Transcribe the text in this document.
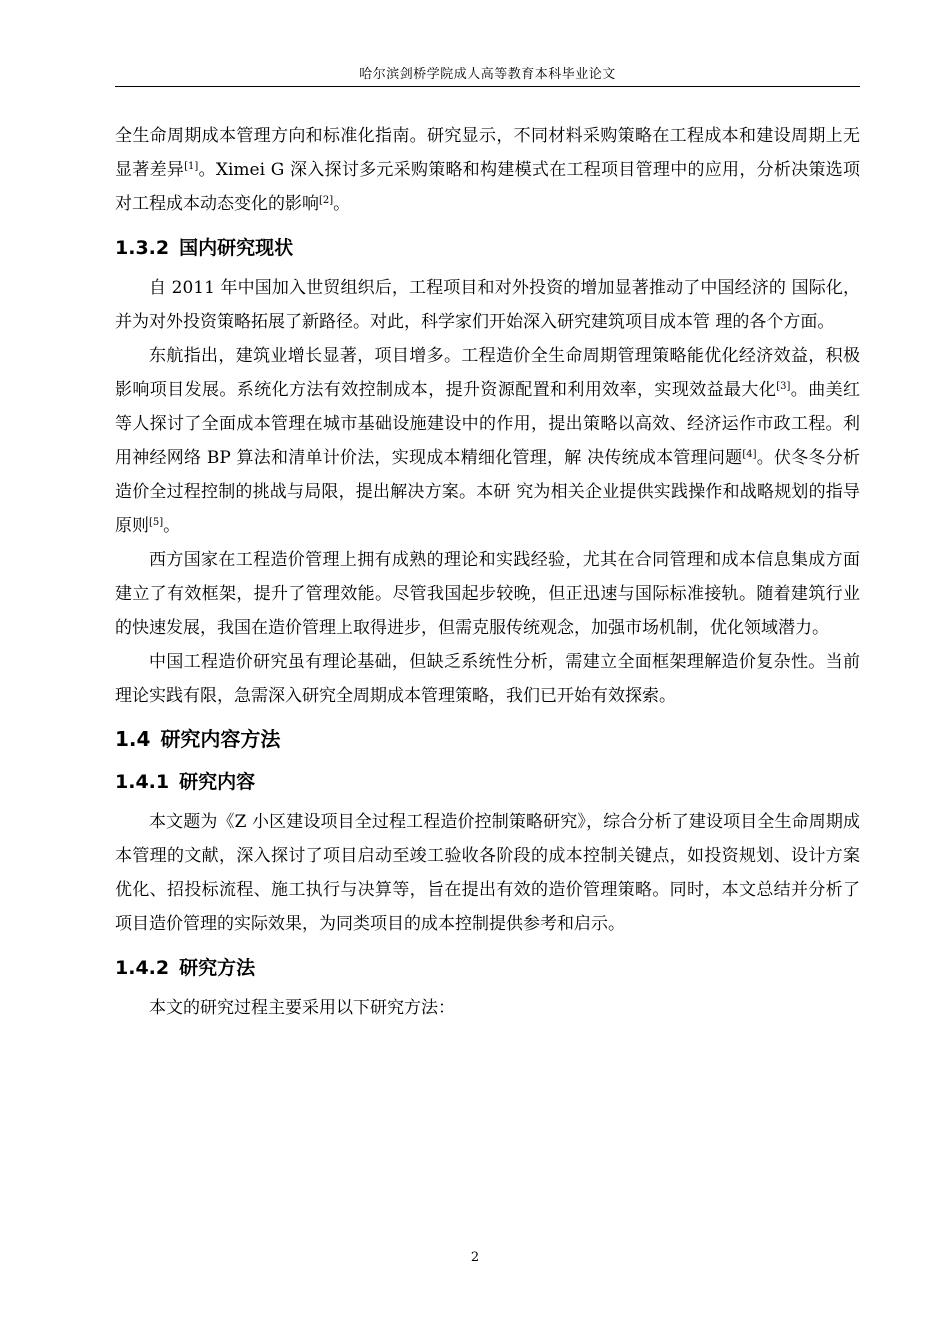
哈尔滨剑桥学院成人高等教育本科毕业论文

全生命周期成本管理方向和标准化指南。研究显示，不同材料采购策略在工程成本和建设周期上无显著差异[1]。Ximei G 深入探讨多元采购策略和构建模式在工程项目管理中的应用，分析决策选项对工程成本动态变化的影响[2]。

1.3.2 国内研究现状

自 2011 年中国加入世贸组织后，工程项目和对外投资的增加显著推动了中国经济的 国际化，并为对外投资策略拓展了新路径。对此，科学家们开始深入研究建筑项目成本管 理的各个方面。

东航指出，建筑业增长显著，项目增多。工程造价全生命周期管理策略能优化经济效益，积极影响项目发展。系统化方法有效控制成本，提升资源配置和利用效率，实现效益最大化[3]。曲美红等人探讨了全面成本管理在城市基础设施建设中的作用，提出策略以高效、经济运作市政工程。利用神经网络 BP 算法和清单计价法，实现成本精细化管理，解 决传统成本管理问题[4]。伏冬冬分析造价全过程控制的挑战与局限，提出解决方案。本研 究为相关企业提供实践操作和战略规划的指导原则[5]。

西方国家在工程造价管理上拥有成熟的理论和实践经验，尤其在合同管理和成本信息集成方面建立了有效框架，提升了管理效能。尽管我国起步较晚，但正迅速与国际标准接轨。随着建筑行业的快速发展，我国在造价管理上取得进步，但需克服传统观念，加强市场机制，优化领域潜力。

中国工程造价研究虽有理论基础，但缺乏系统性分析，需建立全面框架理解造价复杂性。当前理论实践有限，急需深入研究全周期成本管理策略，我们已开始有效探索。

1.4 研究内容方法
1.4.1 研究内容

本文题为《Z 小区建设项目全过程工程造价控制策略研究》，综合分析了建设项目全生命周期成本管理的文献，深入探讨了项目启动至竣工验收各阶段的成本控制关键点，如投资规划、设计方案优化、招投标流程、施工执行与决算等，旨在提出有效的造价管理策略。同时，本文总结并分析了项目造价管理的实际效果，为同类项目的成本控制提供参考和启示。

1.4.2 研究方法

本文的研究过程主要采用以下研究方法：

2
